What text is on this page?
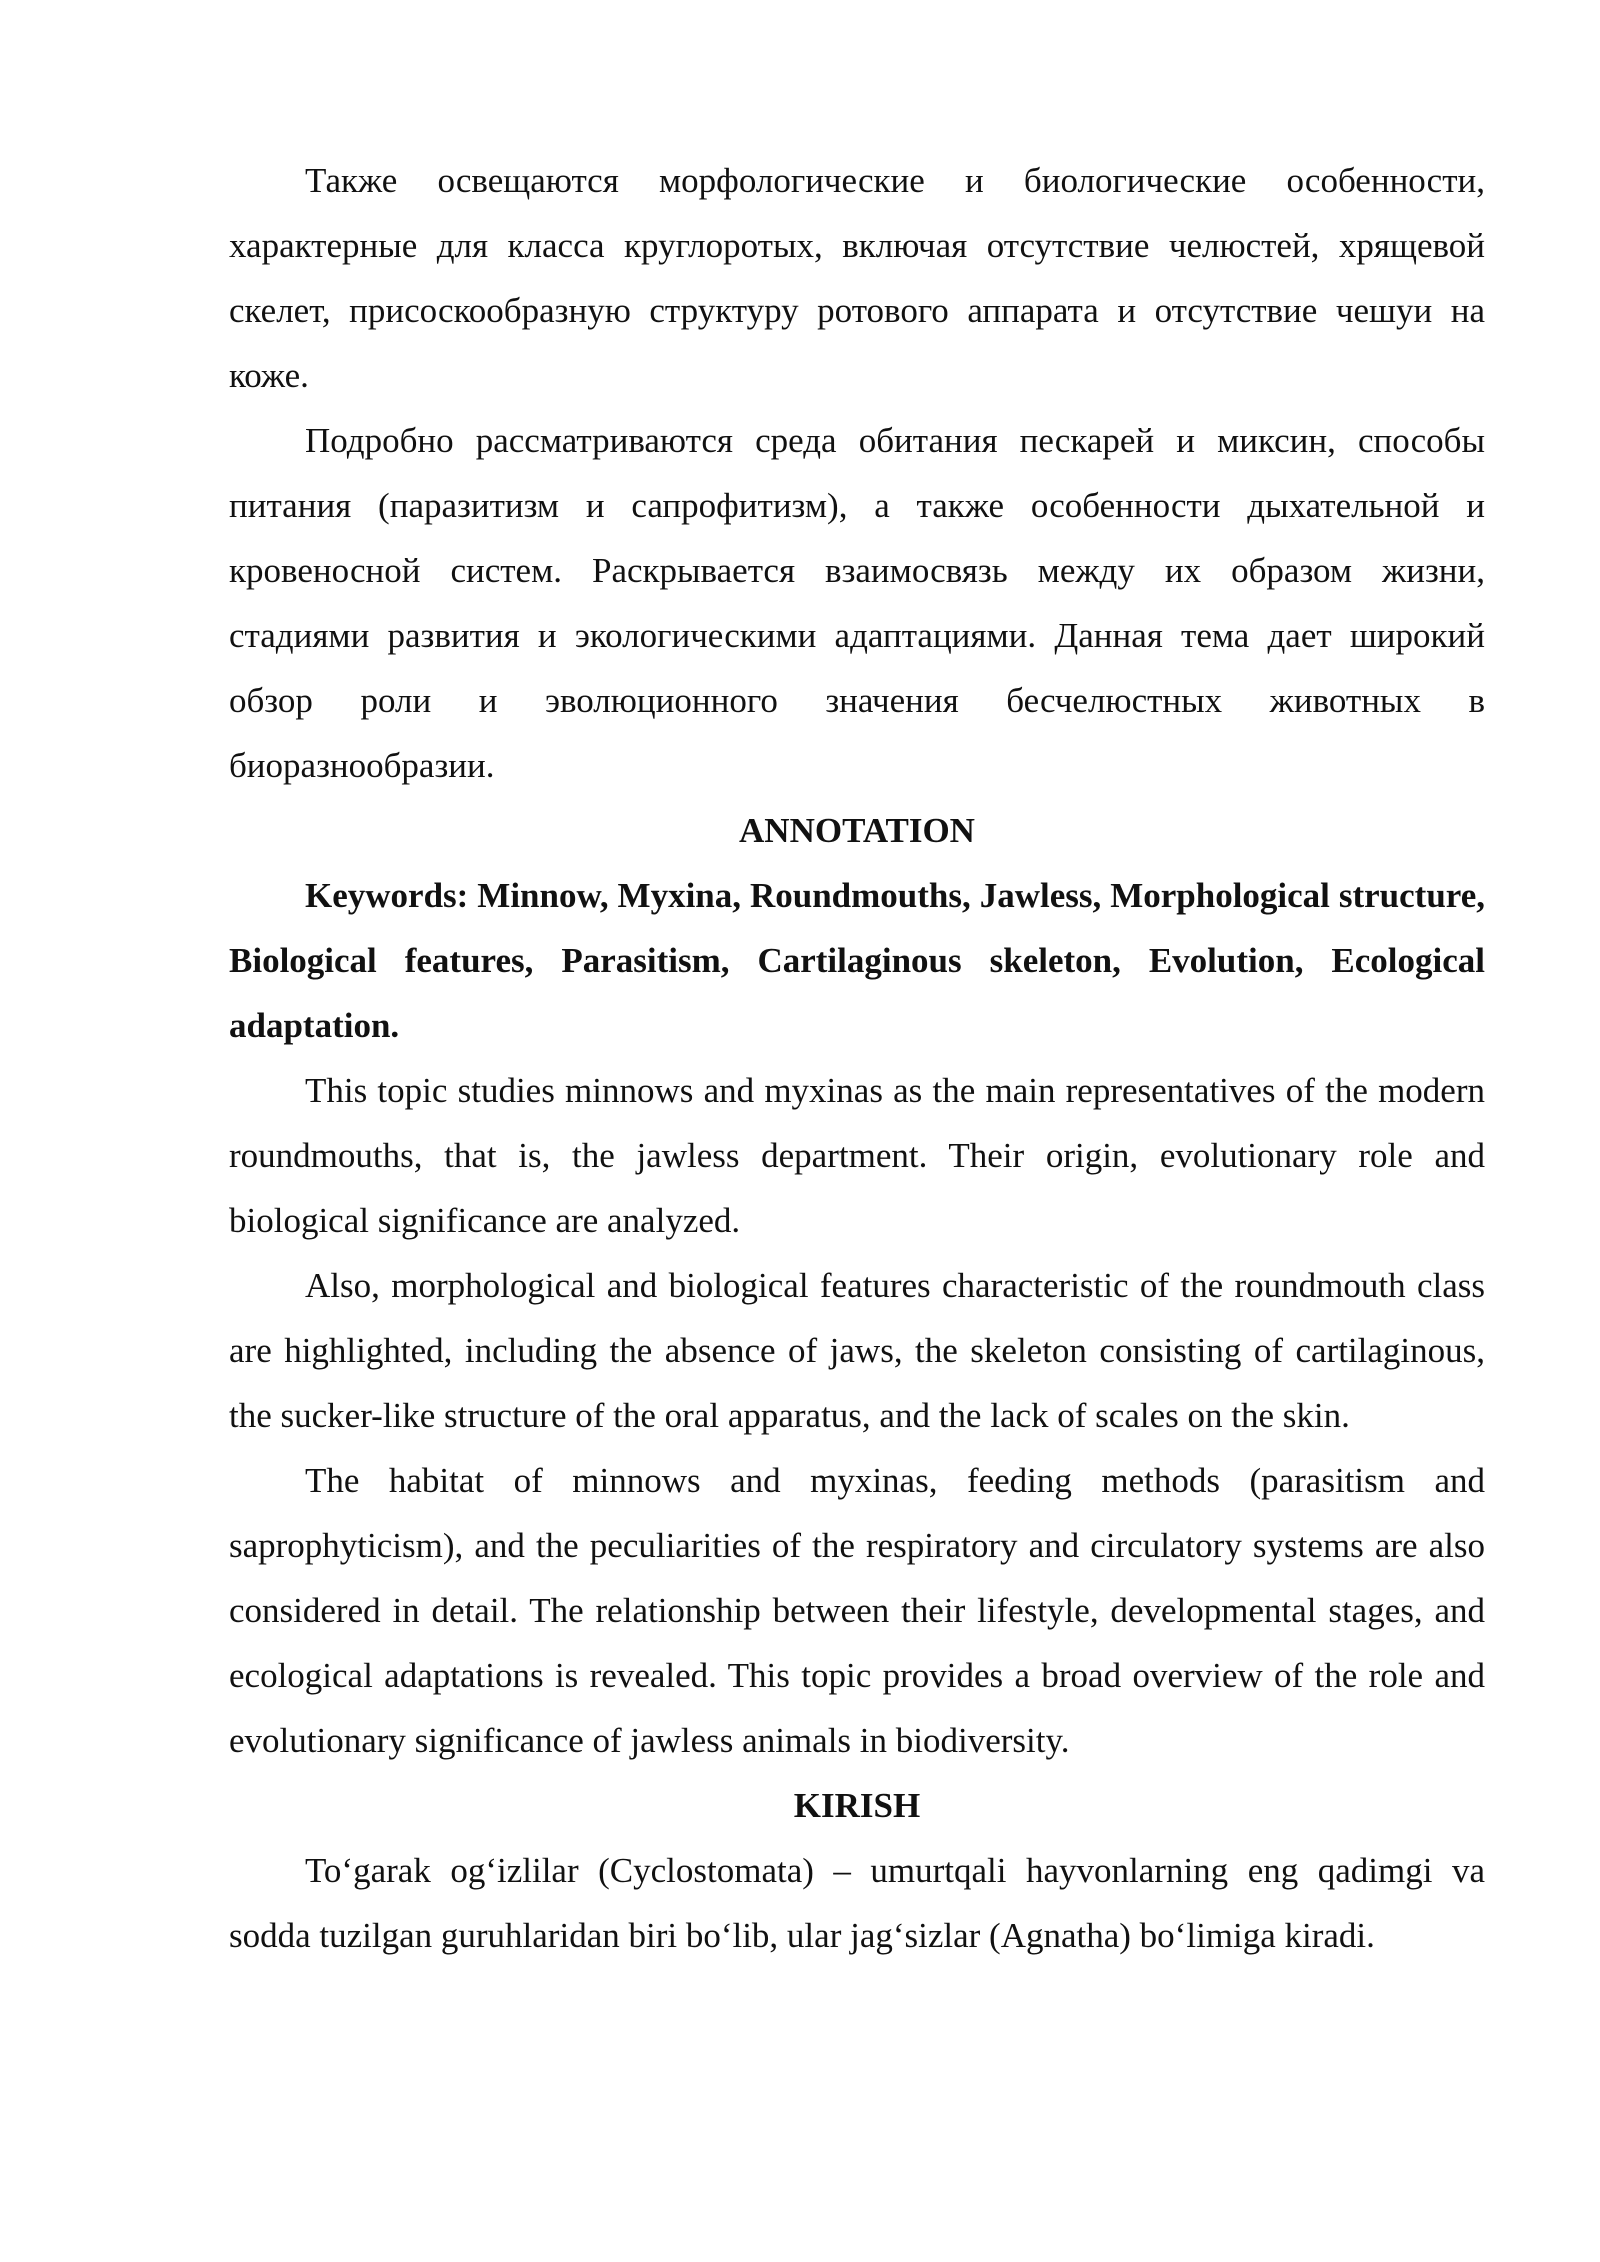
Также освещаются морфологические и биологические особенности, характерные для класса круглоротых, включая отсутствие челюстей, хрящевой скелет, присоскообразную структуру ротового аппарата и отсутствие чешуи на коже.

Подробно рассматриваются среда обитания пескарей и миксин, способы питания (паразитизм и сапрофитизм), а также особенности дыхательной и кровеносной систем. Раскрывается взаимосвязь между их образом жизни, стадиями развития и экологическими адаптациями. Данная тема дает широкий обзор роли и эволюционного значения бесчелюстных животных в биоразнообразии.

ANNOTATION

Keywords: Minnow, Myxina, Roundmouths, Jawless, Morphological structure, Biological features, Parasitism, Cartilaginous skeleton, Evolution, Ecological adaptation.

This topic studies minnows and myxinas as the main representatives of the modern roundmouths, that is, the jawless department. Their origin, evolutionary role and biological significance are analyzed.

Also, morphological and biological features characteristic of the roundmouth class are highlighted, including the absence of jaws, the skeleton consisting of cartilaginous, the sucker-like structure of the oral apparatus, and the lack of scales on the skin.

The habitat of minnows and myxinas, feeding methods (parasitism and saprophyticism), and the peculiarities of the respiratory and circulatory systems are also considered in detail. The relationship between their lifestyle, developmental stages, and ecological adaptations is revealed. This topic provides a broad overview of the role and evolutionary significance of jawless animals in biodiversity.

KIRISH

To‘garak og‘izlilar (Cyclostomata) – umurtqali hayvonlarning eng qadimgi va sodda tuzilgan guruhlaridan biri bo‘lib, ular jag‘sizlar (Agnatha) bo‘limiga kiradi.
